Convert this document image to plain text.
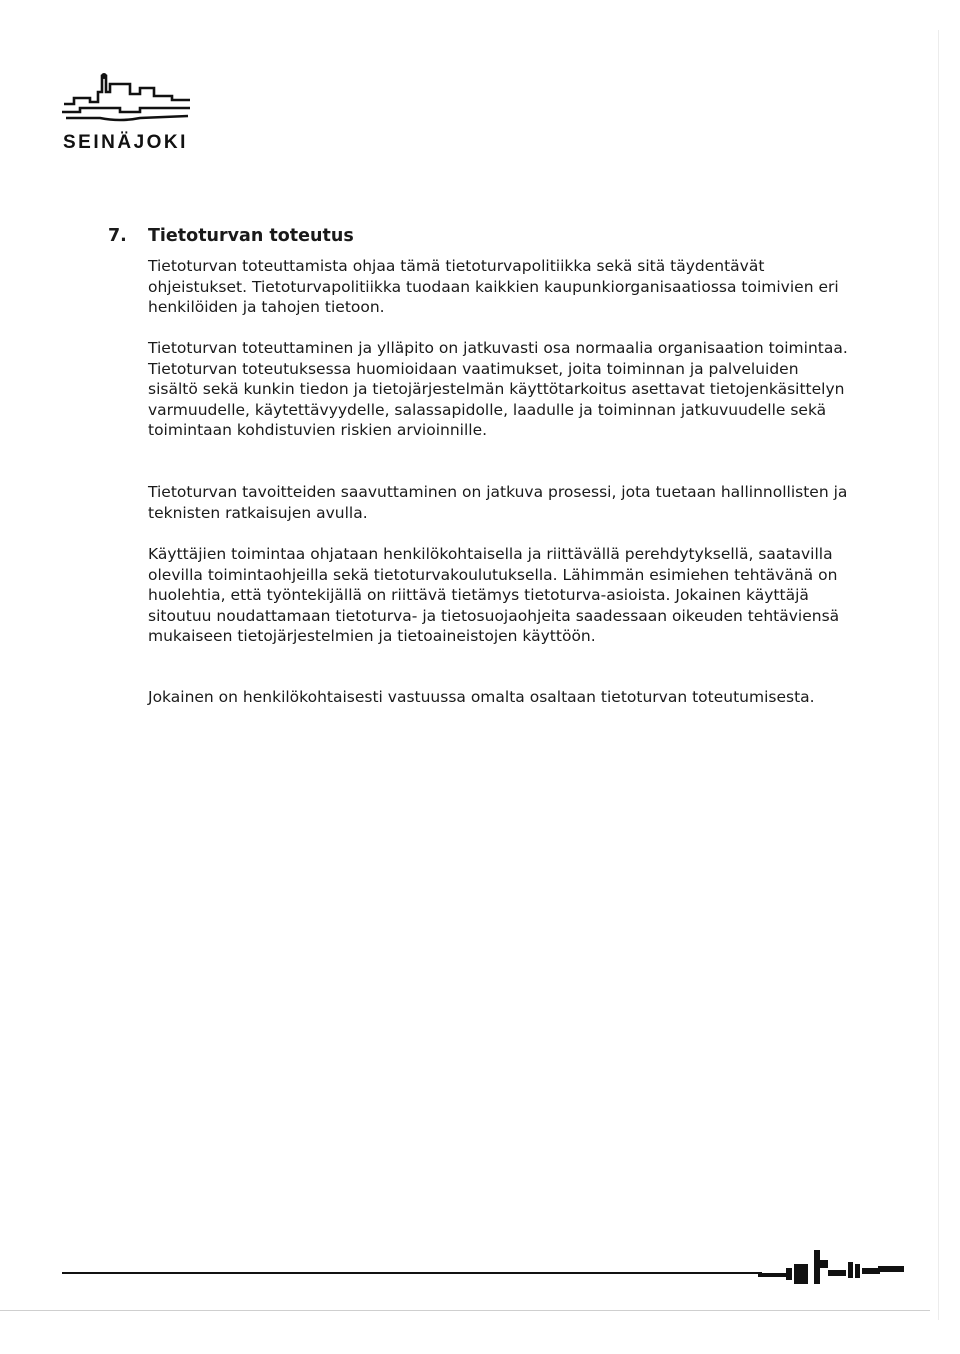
SEINÄJOKI
7. Tietoturvan toteutus

Tietoturvan toteuttamista ohjaa tämä tietoturvapolitiikka sekä sitä täydentävät ohjeistukset. Tietoturvapolitiikka tuodaan kaikkien kaupunkiorganisaatiossa toimivien eri henkilöiden ja tahojen tietoon.

Tietoturvan toteuttaminen ja ylläpito on jatkuvasti osa normaalia organisaation toimintaa. Tietoturvan toteutuksessa huomioidaan vaatimukset, joita toiminnan ja palveluiden sisältö sekä kunkin tiedon ja tietojärjestelmän käyttötarkoitus asettavat tietojenkäsittelyn varmuudelle, käytettävyydelle, salassapidolle, laadulle ja toiminnan jatkuvuudelle sekä toimintaan kohdistuvien riskien arvioinnille.

Tietoturvan tavoitteiden saavuttaminen on jatkuva prosessi, jota tuetaan hallinnollisten ja teknisten ratkaisujen avulla.

Käyttäjien toimintaa ohjataan henkilökohtaisella ja riittävällä perehdytyksellä, saatavilla olevilla toimintaohjeilla sekä tietoturvakoulutuksella. Lähimmän esimiehen tehtävänä on huolehtia, että työntekijällä on riittävä tietämys tietoturva-asioista. Jokainen käyttäjä sitoutuu noudattamaan tietoturva- ja tietosuojaohjeita saadessaan oikeuden tehtäviensä mukaiseen tietojärjestelmien ja tietoaineistojen käyttöön.

Jokainen on henkilökohtaisesti vastuussa omalta osaltaan tietoturvan toteutumisesta.
